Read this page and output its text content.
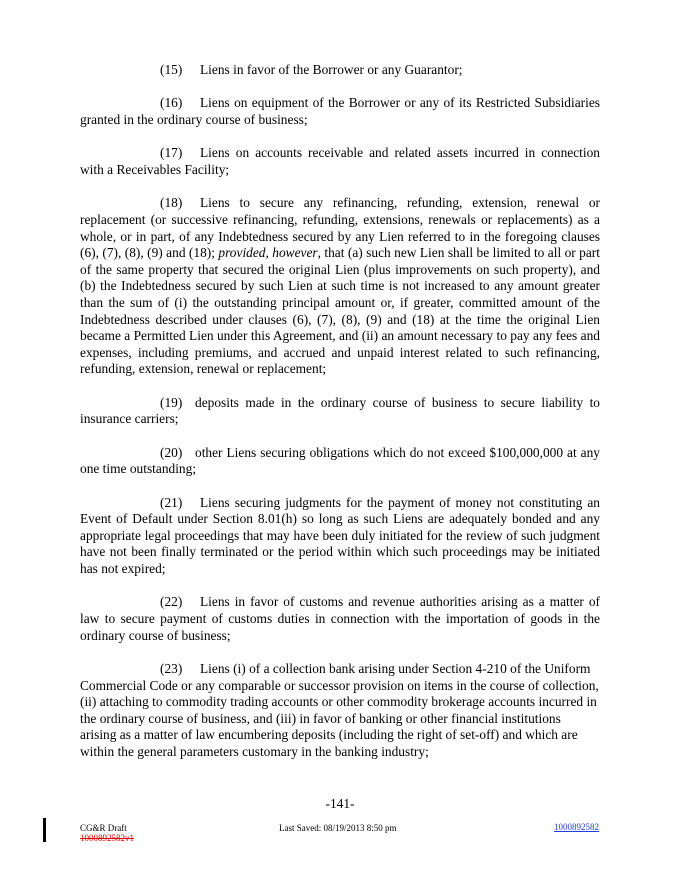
(15) Liens in favor of the Borrower or any Guarantor;

(16) Liens on equipment of the Borrower or any of its Restricted Subsidiaries granted in the ordinary course of business;

(17) Liens on accounts receivable and related assets incurred in connection with a Receivables Facility;

(18) Liens to secure any refinancing, refunding, extension, renewal or replacement (or successive refinancing, refunding, extensions, renewals or replacements) as a whole, or in part, of any Indebtedness secured by any Lien referred to in the foregoing clauses (6), (7), (8), (9) and (18); provided, however, that (a) such new Lien shall be limited to all or part of the same property that secured the original Lien (plus improvements on such property), and (b) the Indebtedness secured by such Lien at such time is not increased to any amount greater than the sum of (i) the outstanding principal amount or, if greater, committed amount of the Indebtedness described under clauses (6), (7), (8), (9) and (18) at the time the original Lien became a Permitted Lien under this Agreement, and (ii) an amount necessary to pay any fees and expenses, including premiums, and accrued and unpaid interest related to such refinancing, refunding, extension, renewal or replacement;

(19) deposits made in the ordinary course of business to secure liability to insurance carriers;

(20) other Liens securing obligations which do not exceed $100,000,000 at any one time outstanding;

(21) Liens securing judgments for the payment of money not constituting an Event of Default under Section 8.01(h) so long as such Liens are adequately bonded and any appropriate legal proceedings that may have been duly initiated for the review of such judgment have not been finally terminated or the period within which such proceedings may be initiated has not expired;

(22) Liens in favor of customs and revenue authorities arising as a matter of law to secure payment of customs duties in connection with the importation of goods in the ordinary course of business;

(23) Liens (i) of a collection bank arising under Section 4-210 of the Uniform Commercial Code or any comparable or successor provision on items in the course of collection, (ii) attaching to commodity trading accounts or other commodity brokerage accounts incurred in the ordinary course of business, and (iii) in favor of banking or other financial institutions arising as a matter of law encumbering deposits (including the right of set-off) and which are within the general parameters customary in the banking industry;

-141-
CG&R Draft
1000892582v1
Last Saved: 08/19/2013 8:50 pm	1000892582
